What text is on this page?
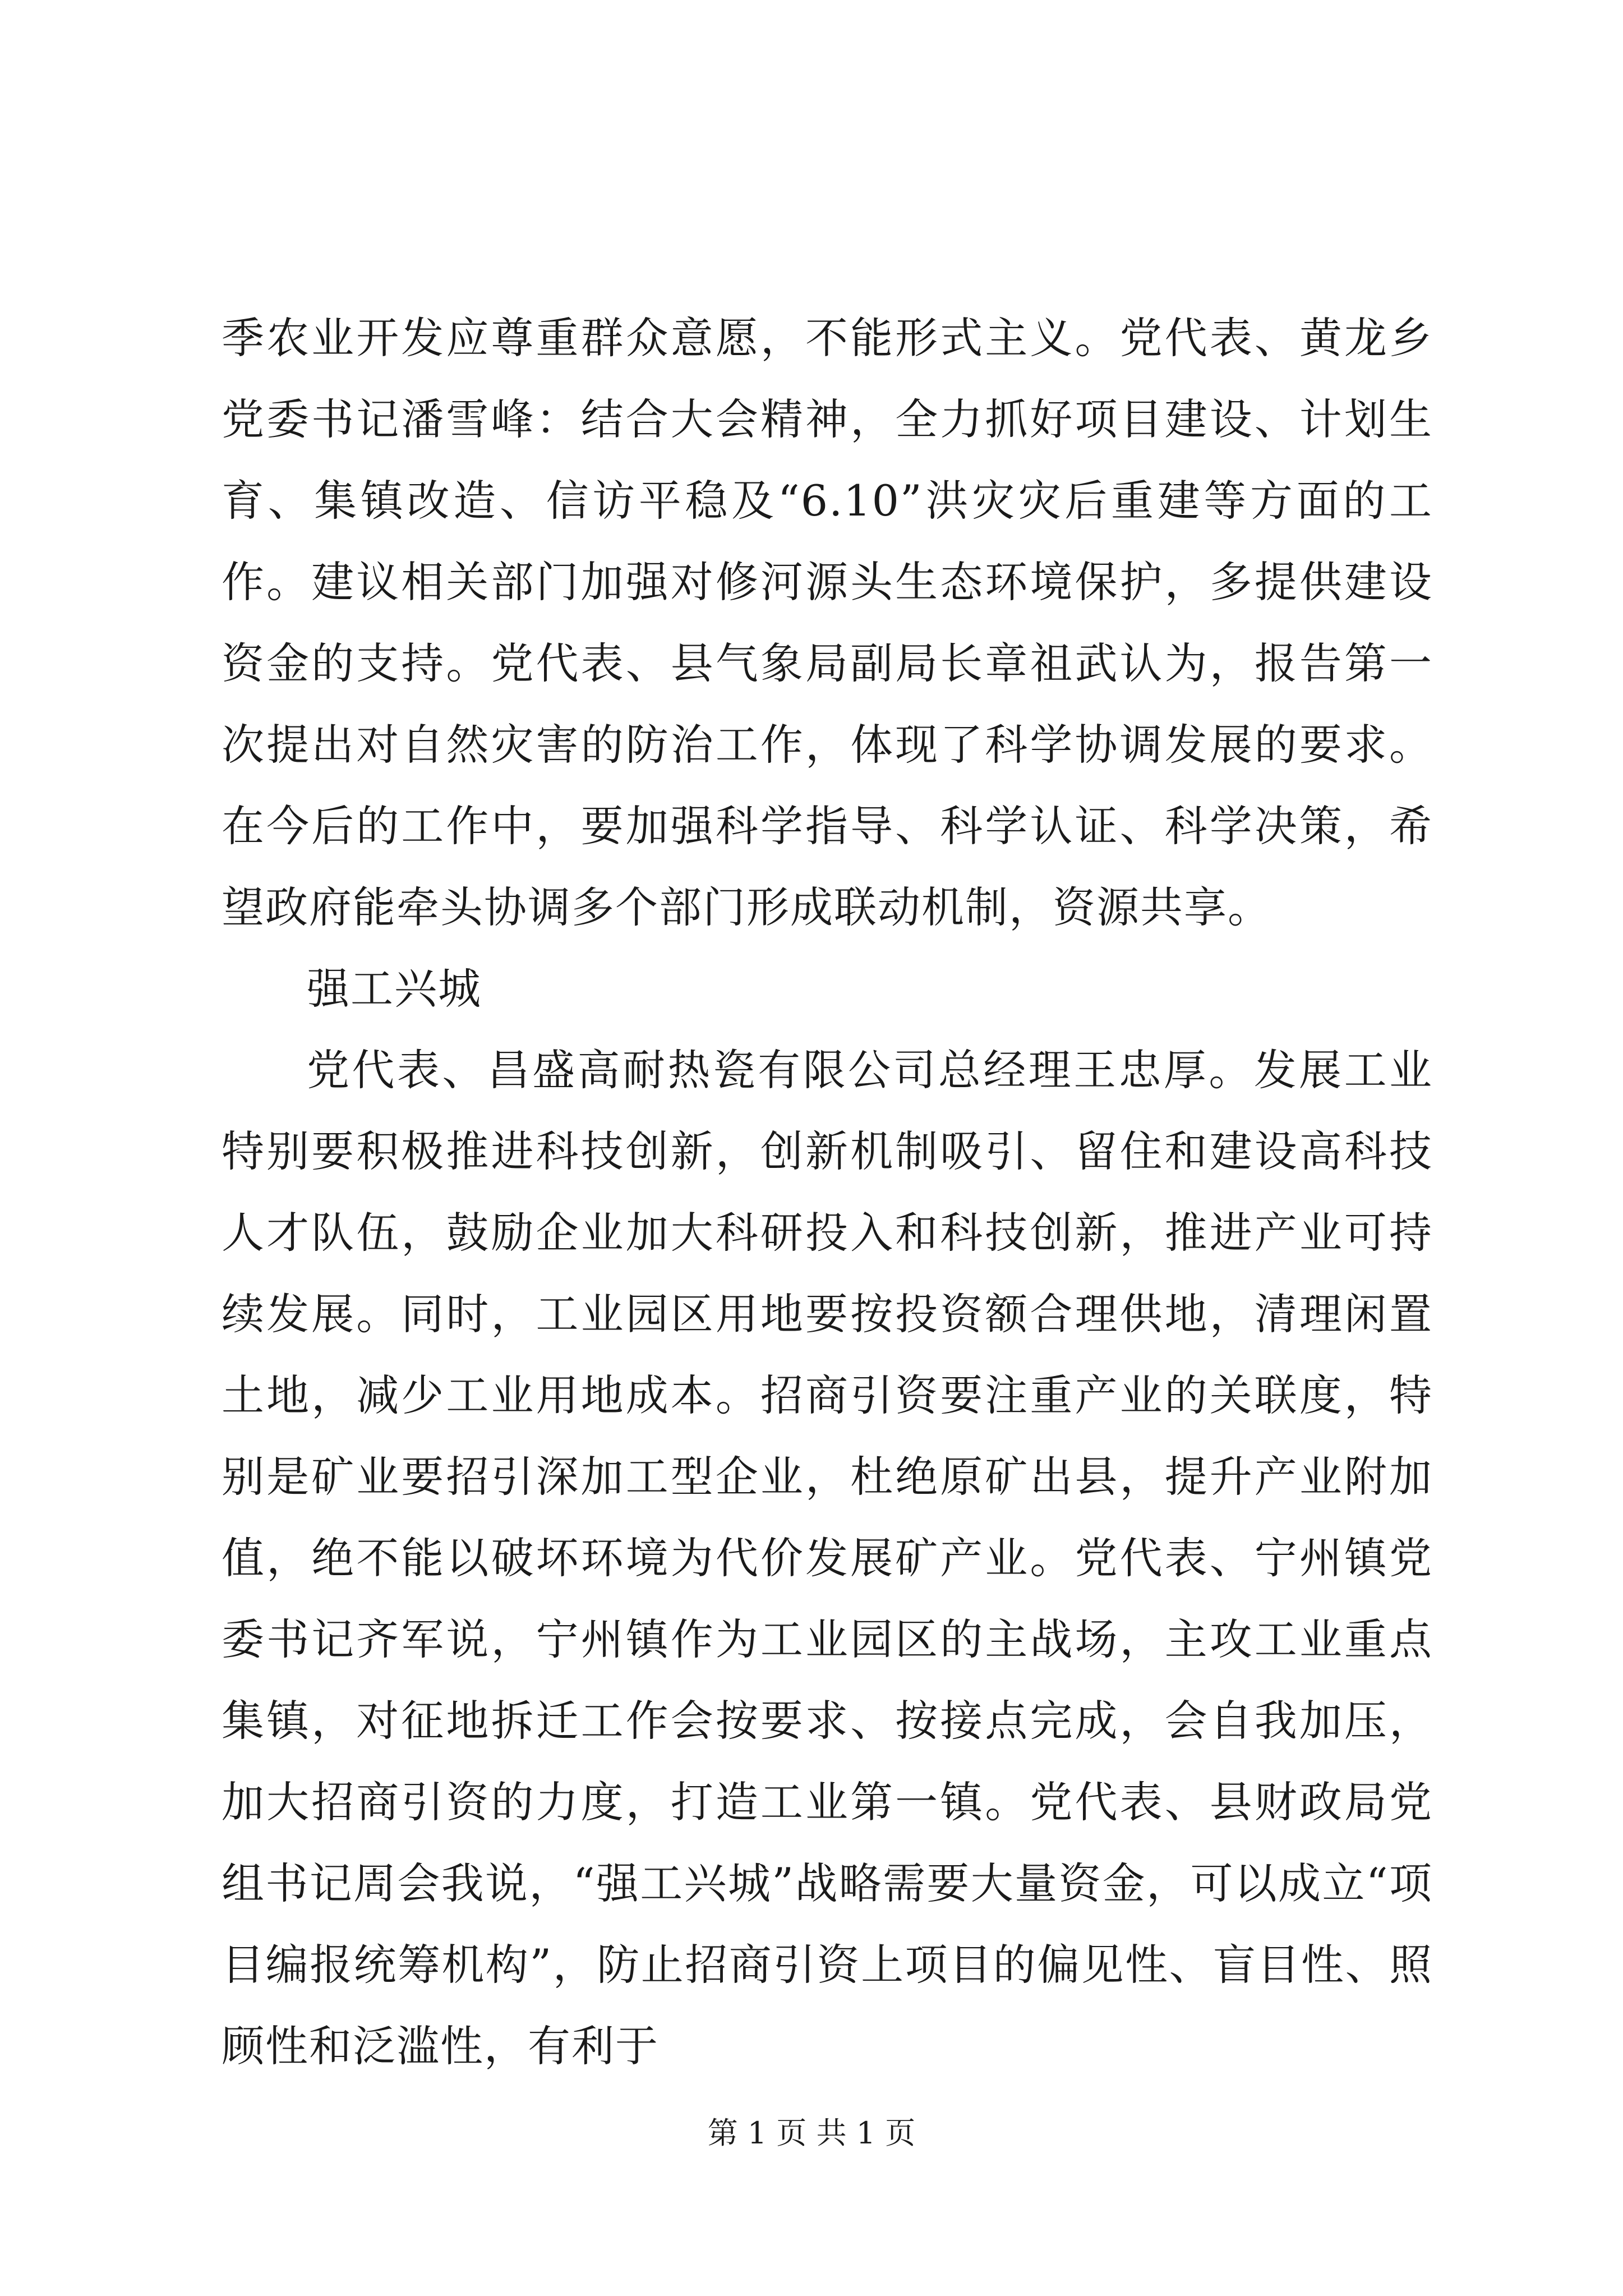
季农业开发应尊重群众意愿，不能形式主义。党代表、黄龙乡党委书记潘雪峰：结合大会精神，全力抓好项目建设、计划生育、集镇改造、信访平稳及“6.10”洪灾灾后重建等方面的工作。建议相关部门加强对修河源头生态环境保护，多提供建设资金的支持。党代表、县气象局副局长章祖武认为，报告第一次提出对自然灾害的防治工作，体现了科学协调发展的要求。在今后的工作中，要加强科学指导、科学认证、科学决策，希望政府能牵头协调多个部门形成联动机制，资源共享。

强工兴城

党代表、昌盛高耐热瓷有限公司总经理王忠厚。发展工业特别要积极推进科技创新，创新机制吸引、留住和建设高科技人才队伍，鼓励企业加大科研投入和科技创新，推进产业可持续发展。同时，工业园区用地要按投资额合理供地，清理闲置土地，减少工业用地成本。招商引资要注重产业的关联度，特别是矿业要招引深加工型企业，杜绝原矿出县，提升产业附加值，绝不能以破坏环境为代价发展矿产业。党代表、宁州镇党委书记齐军说，宁州镇作为工业园区的主战场，主攻工业重点集镇，对征地拆迁工作会按要求、按接点完成，会自我加压，加大招商引资的力度，打造工业第一镇。党代表、县财政局党组书记周会我说，“强工兴城”战略需要大量资金，可以成立“项目编报统筹机构”，防止招商引资上项目的偏见性、盲目性、照顾性和泛滥性，有利于

第 1 页 共 1 页
